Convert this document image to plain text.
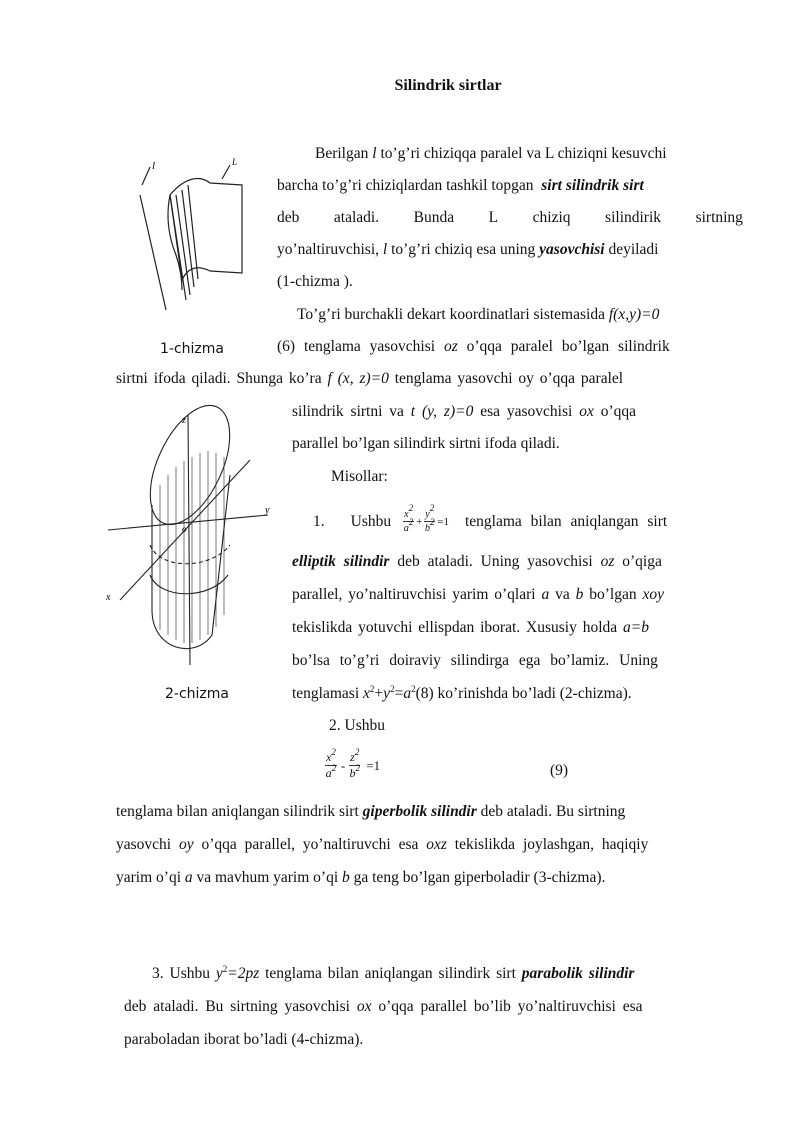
Silindrik sirtlar
l	L
1-chizma
z
y
x
o
2-chizma
Berilgan l to’g’ri chiziqqa paralel va L chiziqni kesuvchi
barcha to’g’ri chiziqlardan tashkil topgan sirt silindrik sirt
deb ataladi. Bunda L chiziq silindirik sirtning
yo’naltiruvchisi, l to’g’ri chiziq esa uning yasovchisi deyiladi
(1-chizma ).
To’g’ri burchakli dekart koordinatlari sistemasida f(x,y)=0
(6) tenglama yasovchisi oz o’qqa paralel bo’lgan silindrik
sirtni ifoda qiladi. Shunga ko’ra f (x, z)=0 tenglama yasovchi oy o’qqa paralel
silindrik sirtni va t (y, z)=0 esa yasovchisi ox o’qqa
parallel bo’lgan silindirk sirtni ifoda qiladi.
Misollar:
1. Ushbu $\frac{x^2}{a^2} + \frac{y^2}{b^2} =1$ tenglama bilan aniqlangan sirt
elliptik silindir deb ataladi. Uning yasovchisi oz o’qiga
parallel, yo’naltiruvchisi yarim o’qlari a va b bo’lgan xoy
tekislikda yotuvchi ellispdan iborat. Xususiy holda a=b
bo’lsa to’g’ri doiraviy silindirga ega bo’lamiz. Uning
tenglamasi $x^2+y^2=a^2(8)$ ko’rinishda bo’ladi (2-chizma).
2. Ushbu
$\frac{x^2}{a^2} - \frac{z^2}{b^2} =1$	(9)
tenglama bilan aniqlangan silindrik sirt giperbolik silindir deb ataladi. Bu sirtning
yasovchi oy o’qqa parallel, yo’naltiruvchi esa oxz tekislikda joylashgan, haqiqiy
yarim o’qi a va mavhum yarim o’qi b ga teng bo’lgan giperboladir (3-chizma).
3. Ushbu $y^2=2pz$ tenglama bilan aniqlangan silindirk sirt parabolik silindir
deb ataladi. Bu sirtning yasovchisi ox o’qqa parallel bo’lib yo’naltiruvchisi esa
paraboladan iborat bo’ladi (4-chizma).
